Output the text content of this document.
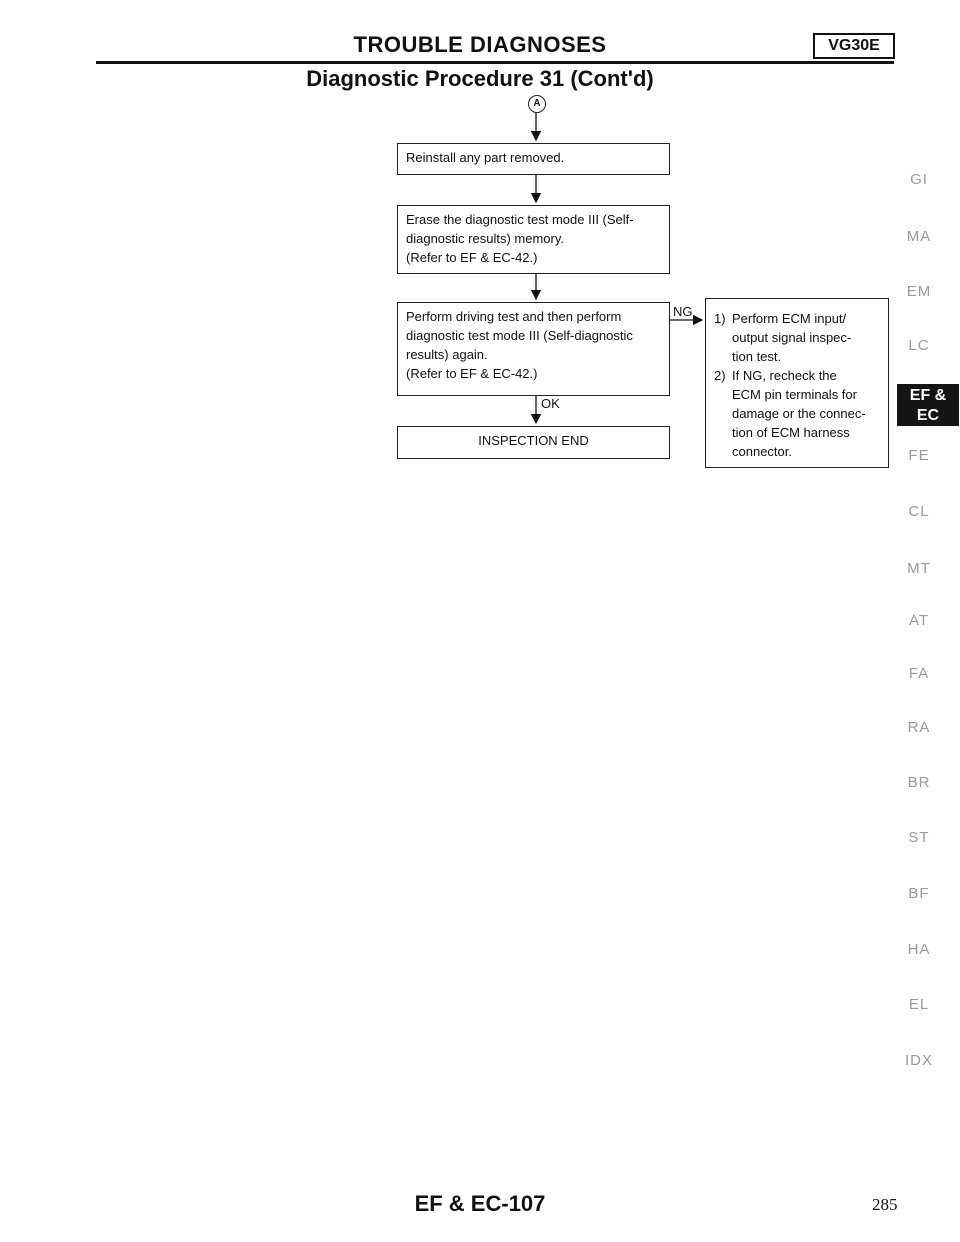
TROUBLE DIAGNOSES	VG30E
Diagnostic Procedure 31 (Cont'd)
A
Reinstall any part removed.
Erase the diagnostic test mode III (Self-
diagnostic results) memory.
(Refer to EF & EC-42.)
Perform driving test and then perform
diagnostic test mode III (Self-diagnostic
results) again.
(Refer to EF & EC-42.)
NG
OK
INSPECTION END
1) Perform ECM input/
output signal inspec-
tion test.
2) If NG, recheck the
ECM pin terminals for
damage or the connec-
tion of ECM harness
connector.
GI
MA
EM
LC
EF &
EC
FE
CL
MT
AT
FA
RA
BR
ST
BF
HA
EL
IDX
EF & EC-107	285
